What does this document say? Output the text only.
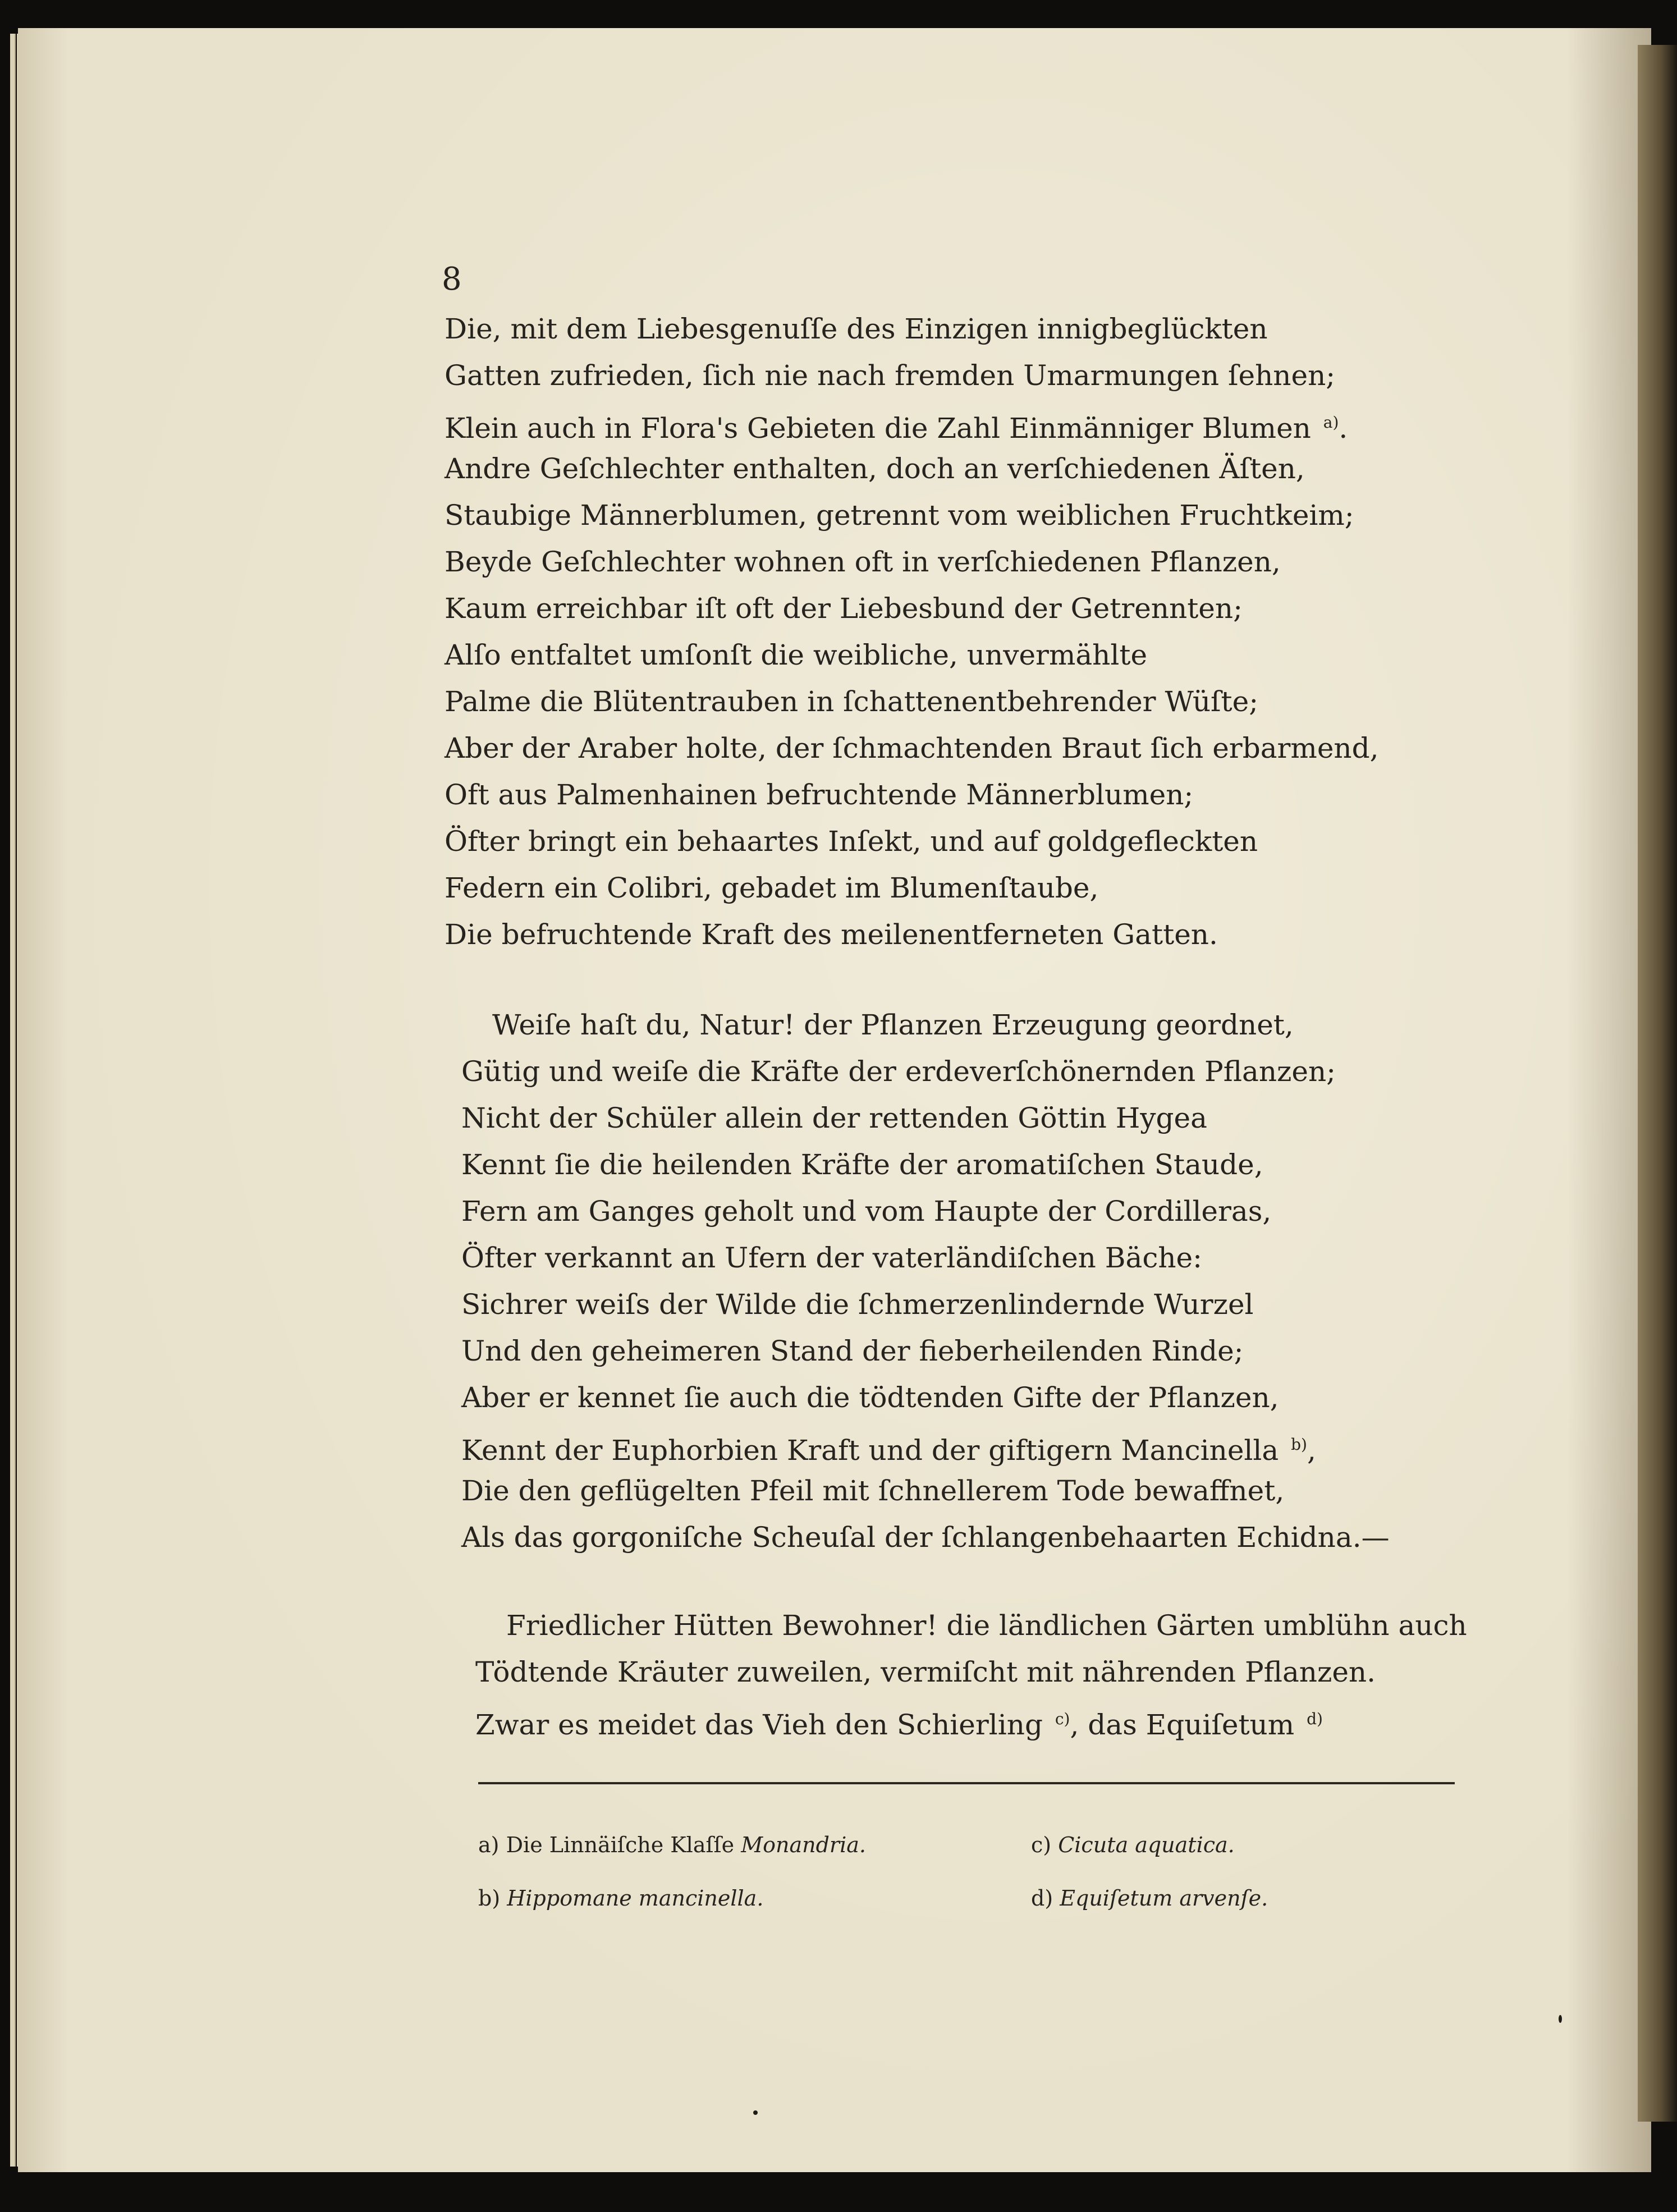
8
Die, mit dem Liebesgenuſſe des Einzigen innigbeglückten
Gatten zufrieden, ſich nie nach fremden Umarmungen ſehnen;
Klein auch in Flora's Gebieten die Zahl Einmänniger Blumen $^{a)}$.
Andre Geſchlechter enthalten, doch an verſchiedenen Äſten,
Staubige Männerblumen, getrennt vom weiblichen Fruchtkeim;
Beyde Geſchlechter wohnen oft in verſchiedenen Pflanzen,
Kaum erreichbar iſt oft der Liebesbund der Getrennten;
Alſo entfaltet umſonſt die weibliche, unvermählte
Palme die Blütentrauben in ſchattenentbehrender Wüſte;
Aber der Araber holte, der ſchmachtenden Braut ſich erbarmend,
Oft aus Palmenhainen befruchtende Männerblumen;
Öfter bringt ein behaartes Inſekt, und auf goldgefleckten
Federn ein Colibri, gebadet im Blumenſtaube,
Die befruchtende Kraft des meilenentferneten Gatten.
Weiſe haſt du, Natur! der Pflanzen Erzeugung geordnet,
Gütig und weiſe die Kräfte der erdeverſchönernden Pflanzen;
Nicht der Schüler allein der rettenden Göttin Hygea
Kennt ſie die heilenden Kräfte der aromatiſchen Staude,
Fern am Ganges geholt und vom Haupte der Cordilleras,
Öfter verkannt an Ufern der vaterländiſchen Bäche:
Sichrer weiſs der Wilde die ſchmerzenlindernde Wurzel
Und den geheimeren Stand der fieberheilenden Rinde;
Aber er kennet ſie auch die tödtenden Gifte der Pflanzen,
Kennt der Euphorbien Kraft und der giftigern Mancinella $^{b)}$,
Die den geflügelten Pfeil mit ſchnellerem Tode bewaffnet,
Als das gorgoniſche Scheuſal der ſchlangenbehaarten Echidna.—
Friedlicher Hütten Bewohner! die ländlichen Gärten umblühn auch
Tödtende Kräuter zuweilen, vermiſcht mit nährenden Pflanzen.
Zwar es meidet das Vieh den Schierling $^{c)}$, das Equiſetum $^{d)}$
a) Die Linnäiſche Klaſſe Monandria.
b) Hippomane mancinella.
c) Cicuta aquatica.
d) Equiſetum arvenſe.
